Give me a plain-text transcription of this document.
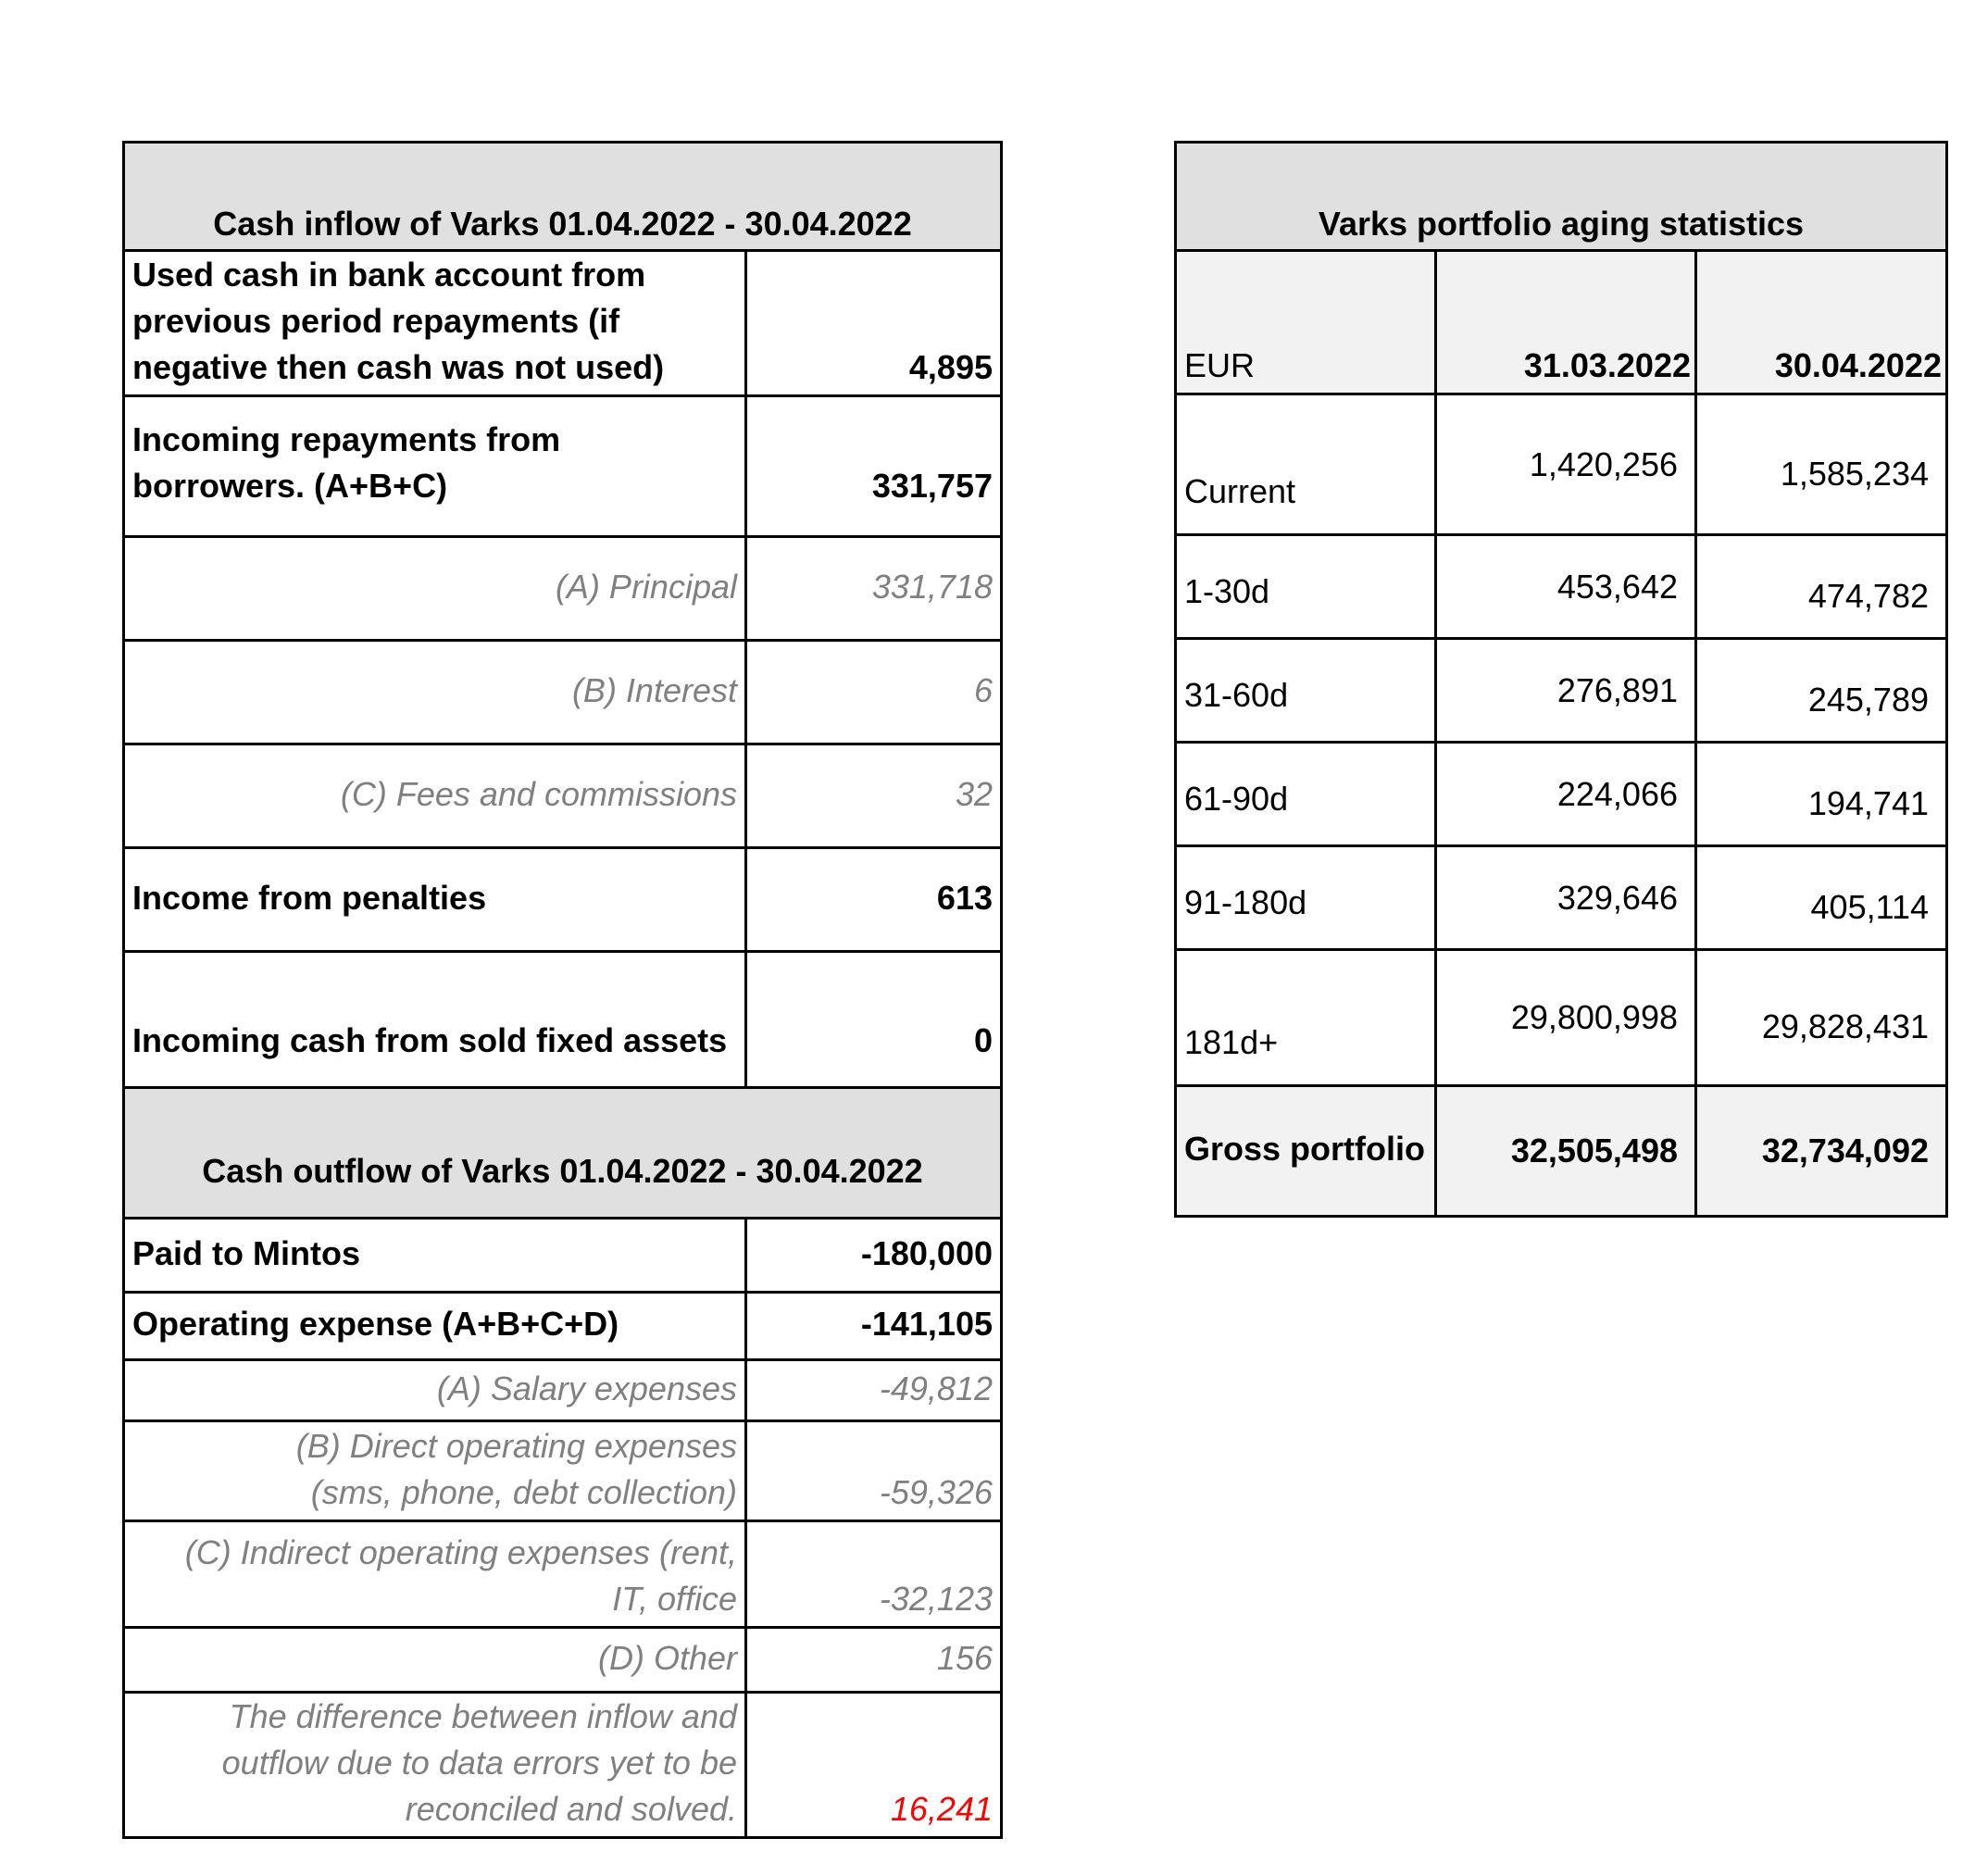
Cash inflow of Varks 01.04.2022 - 30.04.2022	
Used cash in bank account from previous period repayments (if negative then cash was not used)	4,895
Incoming repayments from borrowers. (A+B+C)	331,757
(A) Principal	331,718
(B) Interest	6
(C) Fees and commissions	32
Income from penalties	613
Incoming cash from sold fixed assets	0
Cash outflow of Varks 01.04.2022 - 30.04.2022	
Paid to Mintos	-180,000
Operating expense (A+B+C+D)	-141,105
(A) Salary expenses	-49,812
(B) Direct operating expenses (sms, phone, debt collection)	-59,326
(C) Indirect operating expenses (rent, IT, office	-32,123
(D) Other	156
The difference between inflow and outflow due to data errors yet to be reconciled and solved.	16,241
Varks portfolio aging statistics		
EUR	31.03.2022	30.04.2022
Current	1,420,256	1,585,234
1-30d	453,642	474,782
31-60d	276,891	245,789
61-90d	224,066	194,741
91-180d	329,646	405,114
181d+	29,800,998	29,828,431
Gross portfolio	32,505,498	32,734,092
